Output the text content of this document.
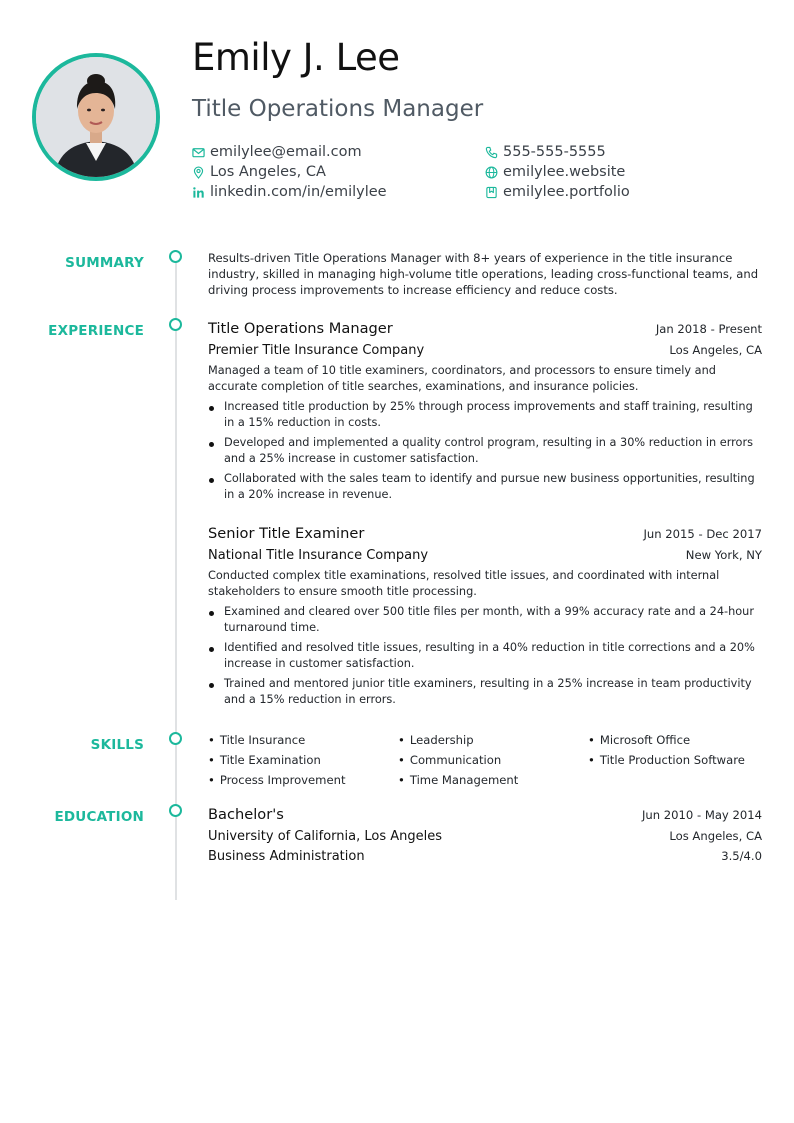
Emily J. Lee
Title Operations Manager
emilylee@email.com	555-555-5555
Los Angeles, CA	emilylee.website
linkedin.com/in/emilylee	emilylee.portfolio
SUMMARY
EXPERIENCE
SKILLS
EDUCATION

Results-driven Title Operations Manager with 8+ years of experience in the title insurance industry, skilled in managing high-volume title operations, leading cross-functional teams, and driving process improvements to increase efficiency and reduce costs.

Title Operations Manager	Jan 2018 - Present
Premier Title Insurance Company	Los Angeles, CA

Managed a team of 10 title examiners, coordinators, and processors to ensure timely and accurate completion of title searches, examinations, and insurance policies.

Increased title production by 25% through process improvements and staff training, resulting in a 15% reduction in costs.
Developed and implemented a quality control program, resulting in a 30% reduction in errors and a 25% increase in customer satisfaction.
Collaborated with the sales team to identify and pursue new business opportunities, resulting in a 20% increase in revenue.
Senior Title Examiner	Jun 2015 - Dec 2017
National Title Insurance Company	New York, NY

Conducted complex title examinations, resolved title issues, and coordinated with internal stakeholders to ensure smooth title processing.

Examined and cleared over 500 title files per month, with a 99% accuracy rate and a 24-hour turnaround time.
Identified and resolved title issues, resulting in a 40% reduction in title corrections and a 20% increase in customer satisfaction.
Trained and mentored junior title examiners, resulting in a 25% increase in team productivity and a 15% reduction in errors.
• Title Insurance	• Leadership	• Microsoft Office
• Title Examination	• Communication	• Title Production Software
• Process Improvement	• Time Management
Bachelor's	Jun 2010 - May 2014
University of California, Los Angeles	Los Angeles, CA
Business Administration	3.5/4.0
